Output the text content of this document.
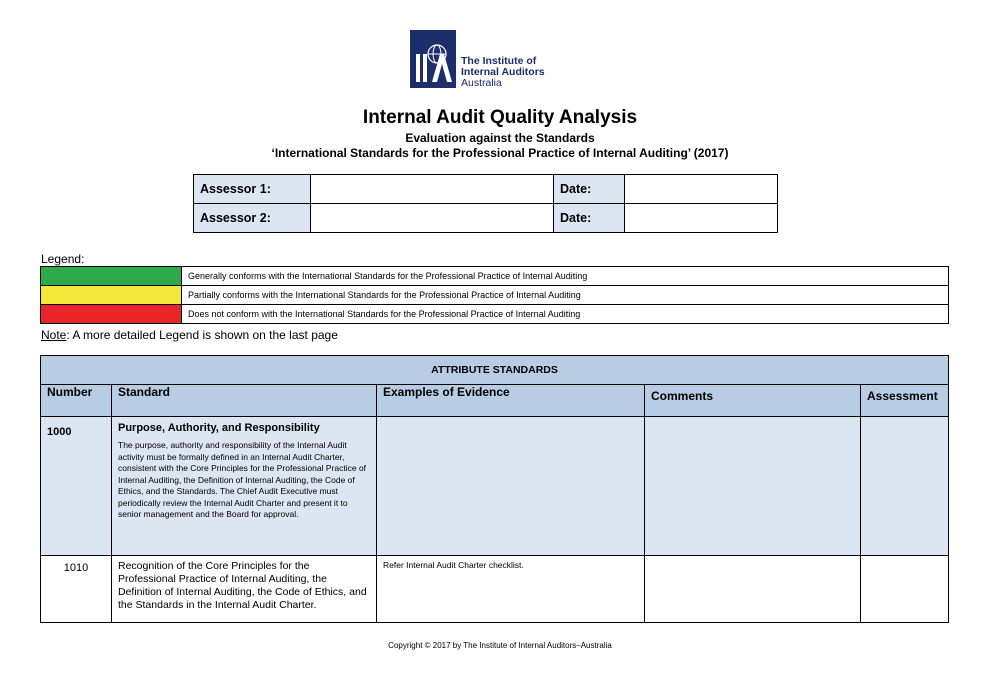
The Institute of
Internal Auditors
Australia
Internal Audit Quality Analysis
Evaluation against the Standards
‘International Standards for the Professional Practice of Internal Auditing’ (2017)
Assessor 1:		Date:	
Assessor 2:		Date:	
Legend:
	Generally conforms with the International Standards for the Professional Practice of Internal Auditing
	Partially conforms with the International Standards for the Professional Practice of Internal Auditing
	Does not conform with the International Standards for the Professional Practice of Internal Auditing
Note: A more detailed Legend is shown on the last page
ATTRIBUTE STANDARDS				
Number	Standard	Examples of Evidence	Comments	Assessment
1000	Purpose, Authority, and Responsibility
The purpose, authority and responsibility of the Internal Audit activity must be formally defined in an Internal Audit Charter, consistent with the Core Principles for the Professional Practice of Internal Auditing, the Definition of Internal Auditing, the Code of Ethics, and the Standards. The Chief Audit Executive must periodically review the Internal Audit Charter and present it to senior management and the Board for approval.			

1010	Recognition of the Core Principles for the Professional Practice of Internal Auditing, the Definition of Internal Auditing, the Code of Ethics, and the Standards in the Internal Audit Charter.	Refer Internal Audit Charter checklist.		

Copyright © 2017 by The Institute of Internal Auditors–Australia
